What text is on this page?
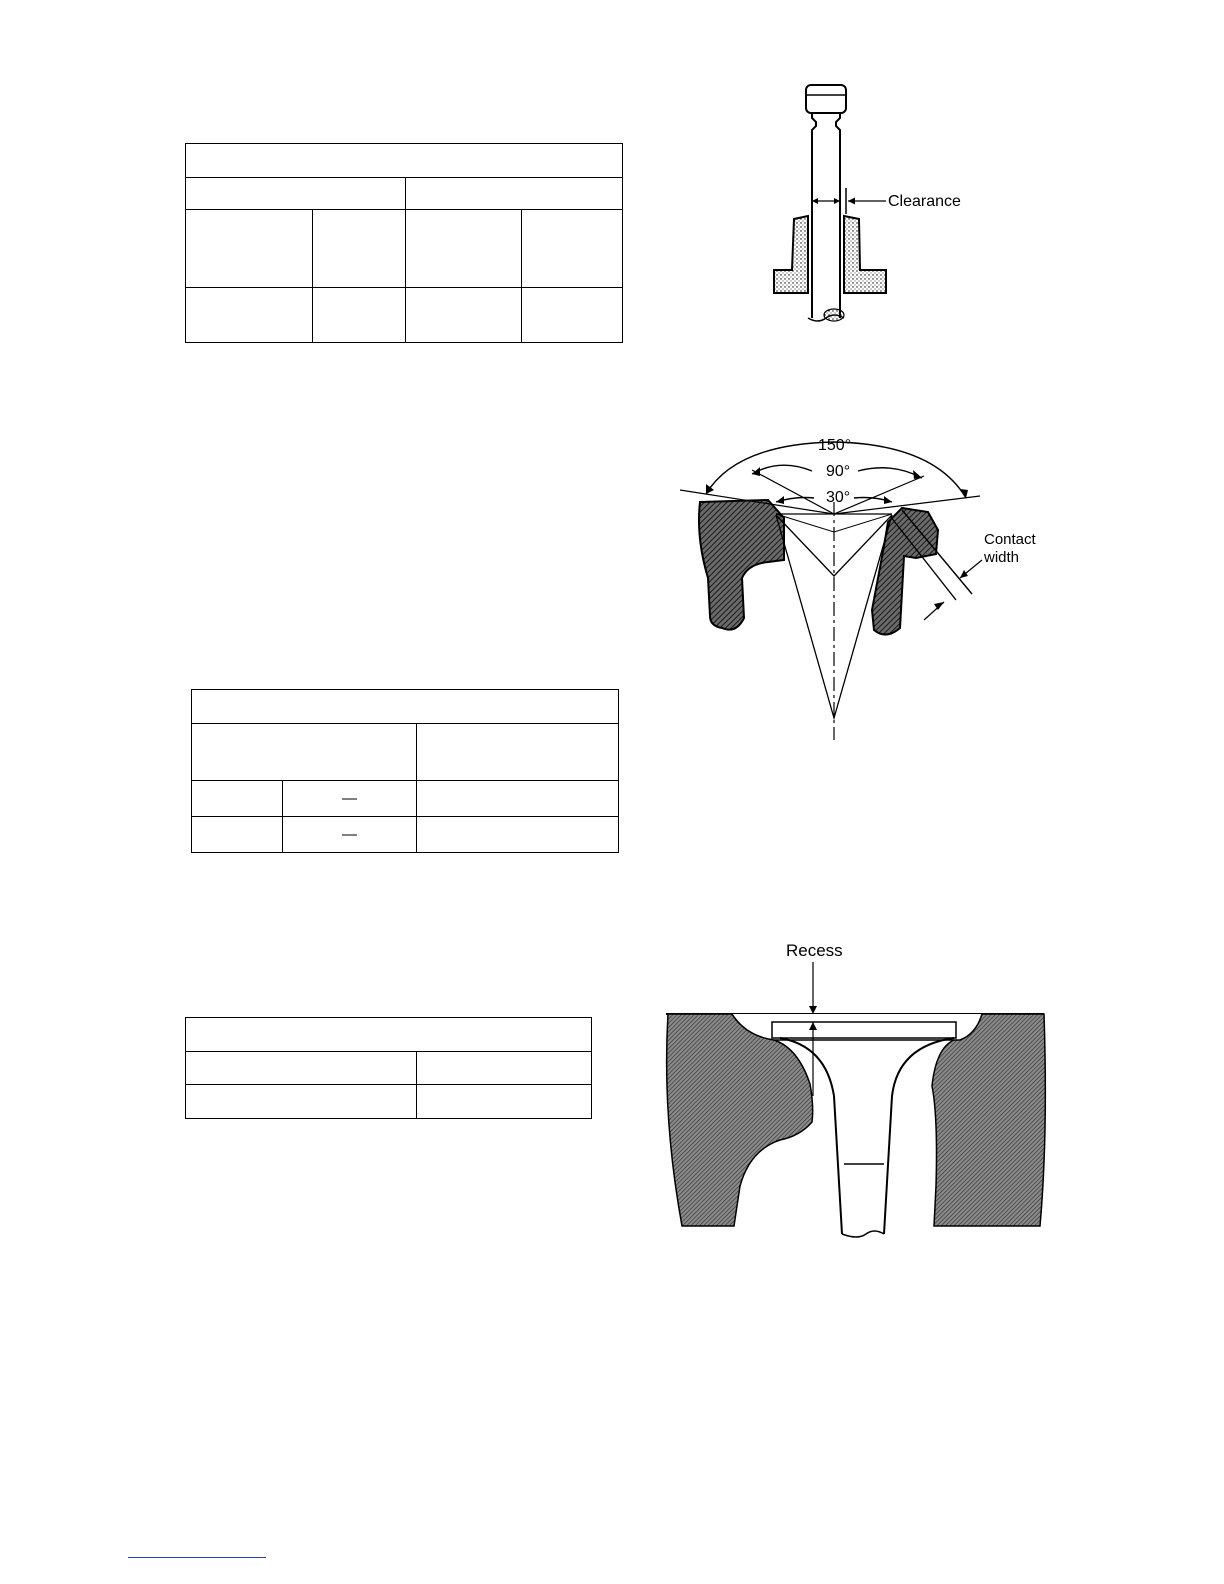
	—	
	—	

Clearance
150°
90°
30°
Contact
width
Recess
